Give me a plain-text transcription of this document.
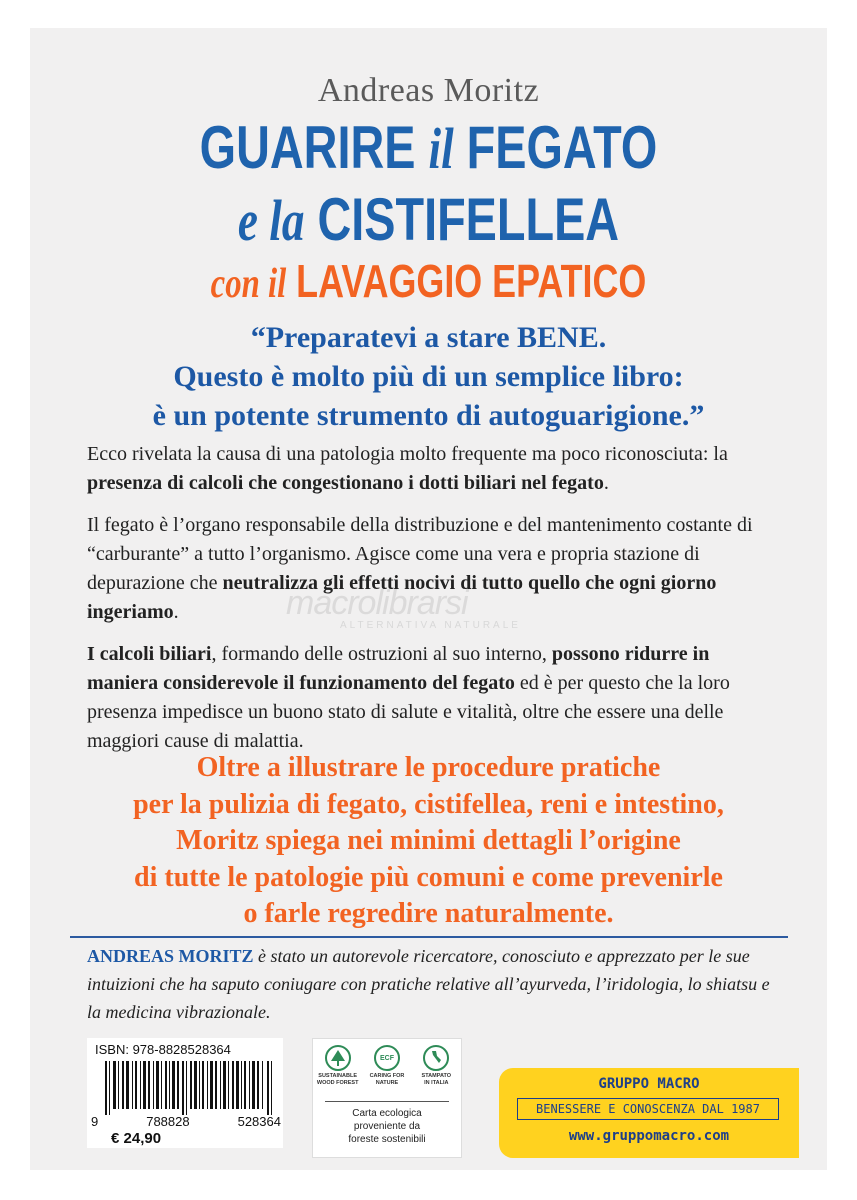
Andreas Moritz
GUARIRE il FEGATO
e la CISTIFELLEA
con il LAVAGGIO EPATICO
“Preparatevi a stare BENE.
Questo è molto più di un semplice libro:
è un potente strumento di autoguarigione.”

Ecco rivelata la causa di una patologia molto frequente ma poco riconosciuta: la presenza di calcoli che congestionano i dotti biliari nel fegato.

Il fegato è l’organo responsabile della distribuzione e del mantenimento costante di “carburante” a tutto l’organismo. Agisce come una vera e propria stazione di depurazione che neutralizza gli effetti nocivi di tutto quello che ogni giorno ingeriamo.

I calcoli biliari, formando delle ostruzioni al suo interno, possono ridurre in maniera considerevole il funzionamento del fegato ed è per questo che la loro presenza impedisce un buono stato di salute e vitalità, oltre che essere una delle maggiori cause di malattia.

macrolibrarsi
ALTERNATIVA NATURALE
Oltre a illustrare le procedure pratiche
per la pulizia di fegato, cistifellea, reni e intestino,
Moritz spiega nei minimi dettagli l’origine
di tutte le patologie più comuni e come prevenirle
o farle regredire naturalmente.
ANDREAS MORITZ è stato un autorevole ricercatore, conosciuto e apprezzato per le sue intuizioni che ha saputo coniugare con pratiche relative all’ayurveda, l’iridologia, lo shiatsu e la medicina vibrazionale.
ISBN: 978-8828528364
9	788828	528364
€ 24,90
SUSTAINABLE
WOOD FOREST
ECF
CARING FOR
NATURE
STAMPATO
IN ITALIA
Carta ecologica
proveniente da
foreste sostenibili
GRUPPO MACRO
BENESSERE E CONOSCENZA DAL 1987
www.gruppomacro.com
